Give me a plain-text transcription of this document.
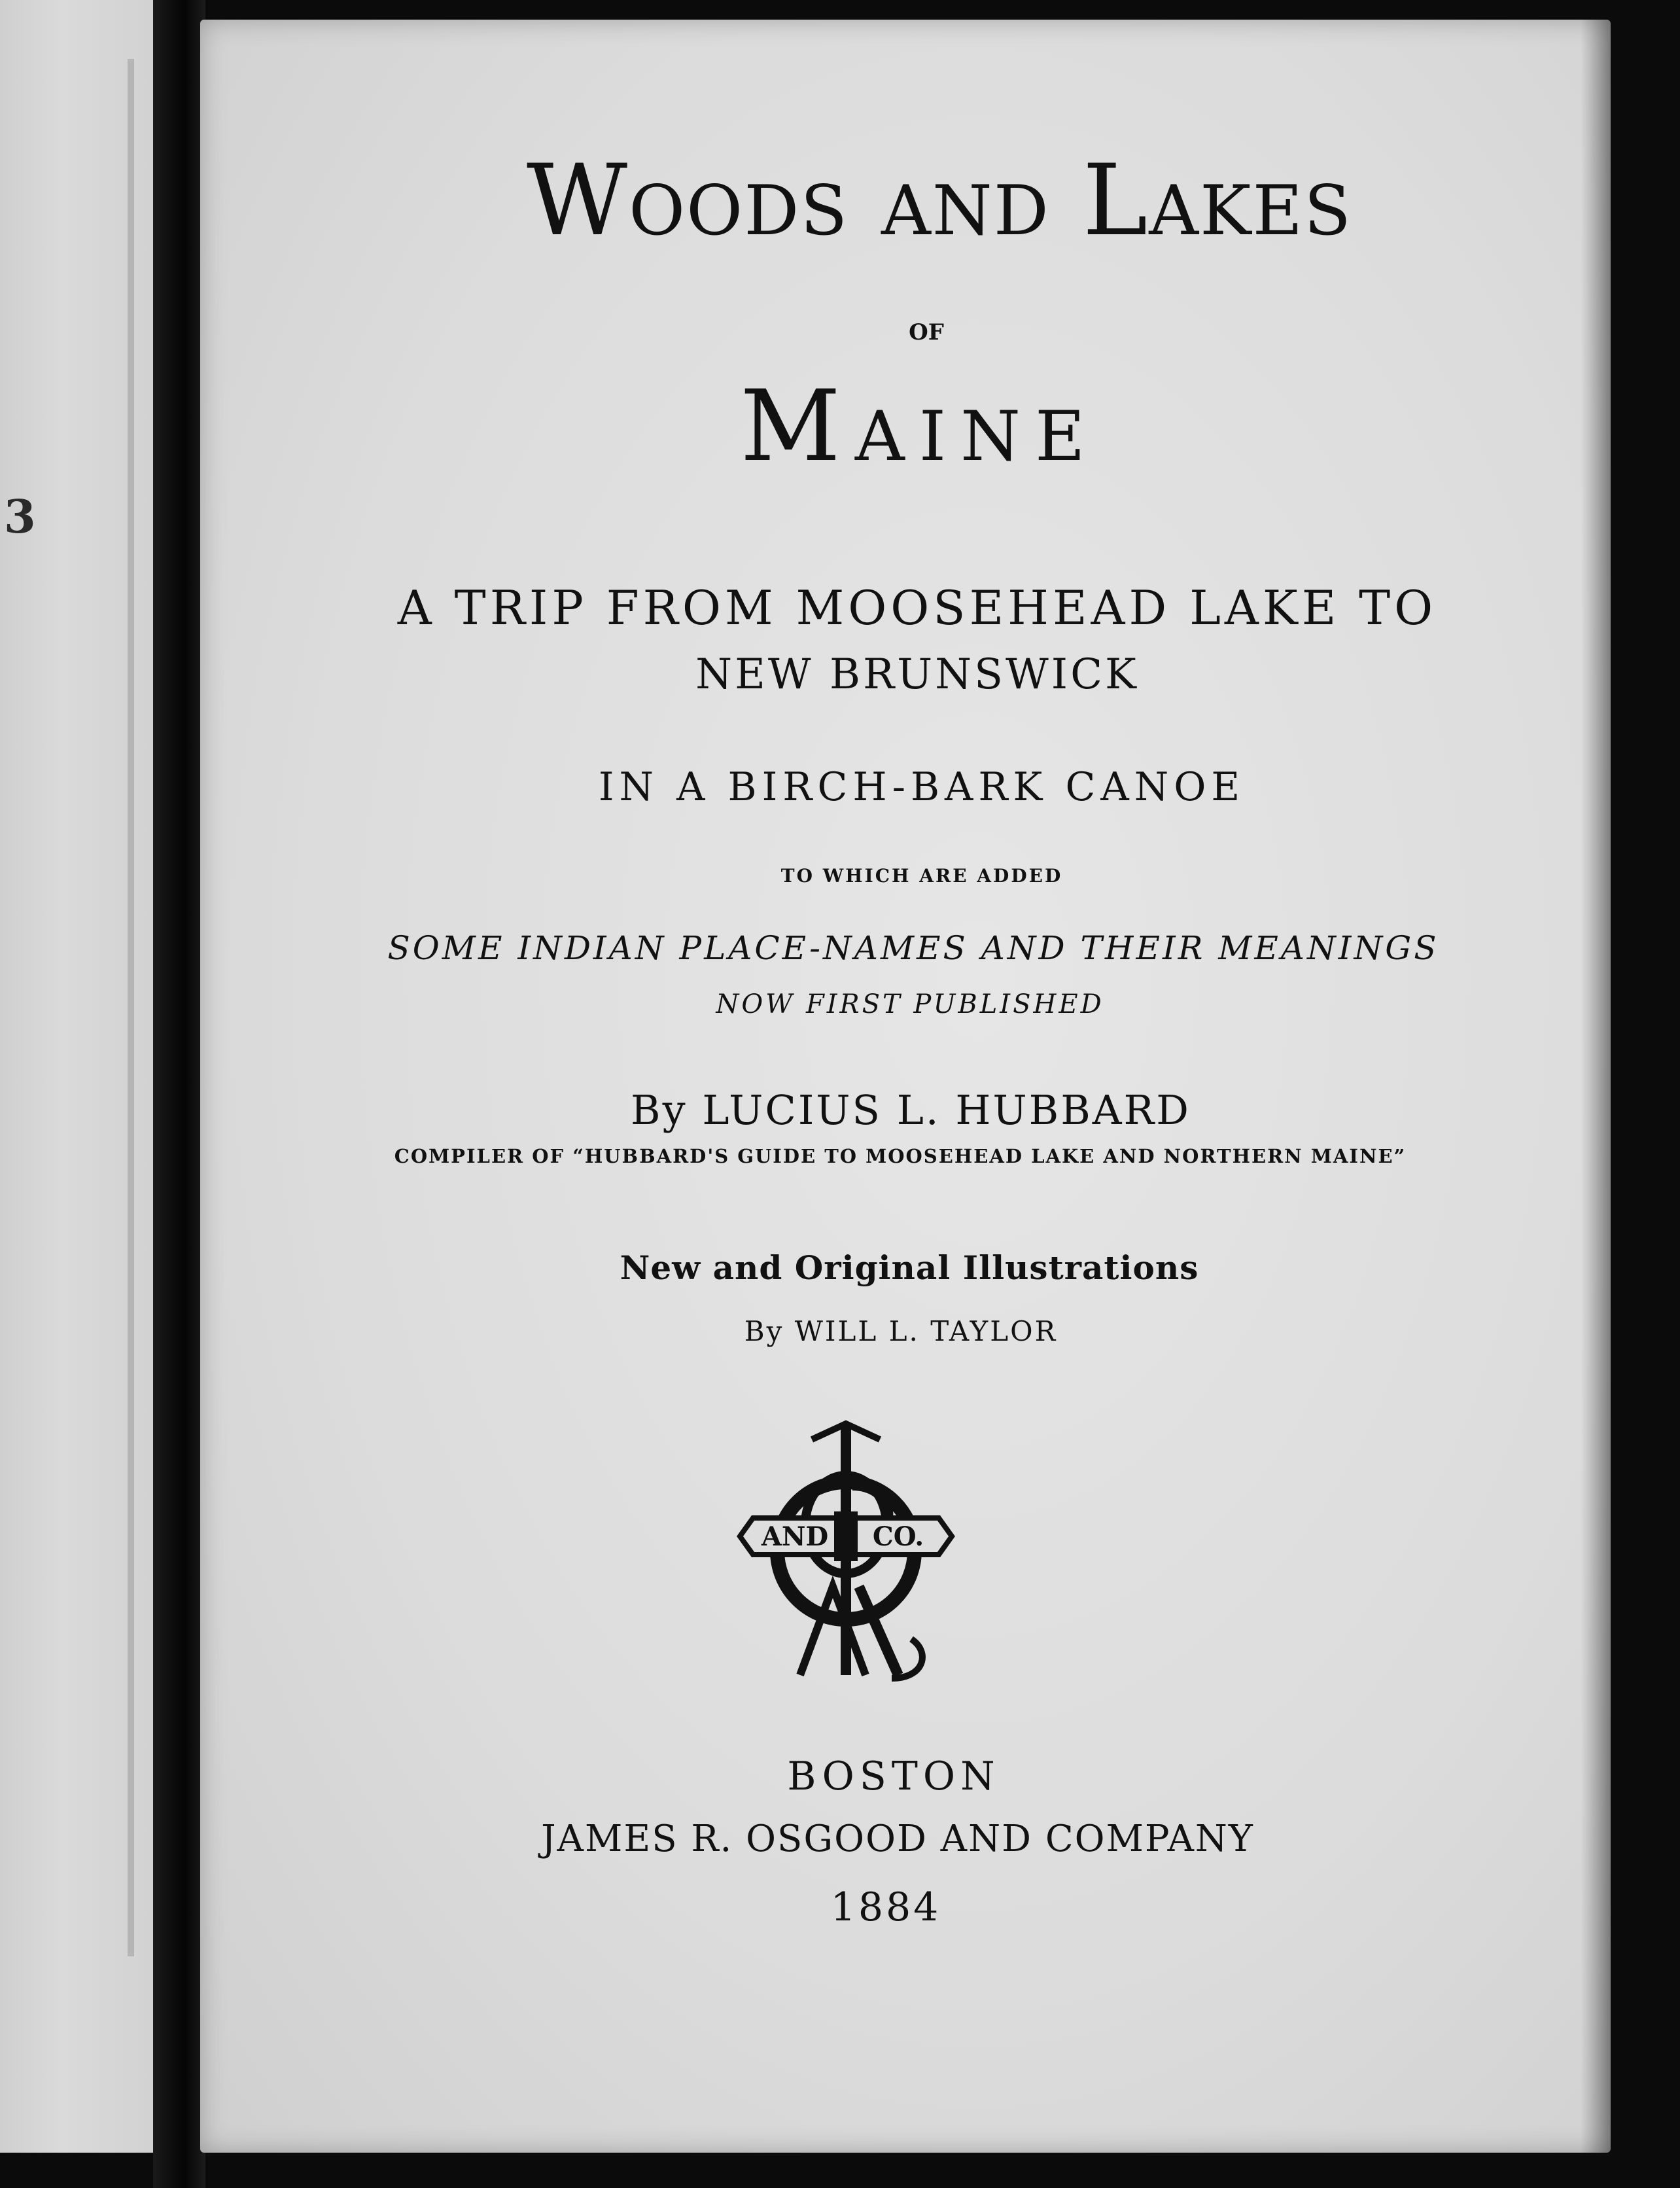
3
Woods and Lakes
OF
Maine
A TRIP FROM MOOSEHEAD LAKE TO
NEW BRUNSWICK
IN A BIRCH-BARK CANOE
TO WHICH ARE ADDED
SOME INDIAN PLACE-NAMES AND THEIR MEANINGS
NOW FIRST PUBLISHED
By LUCIUS L. HUBBARD
COMPILER OF “HUBBARD'S GUIDE TO MOOSEHEAD LAKE AND NORTHERN MAINE”
New and Original Illustrations
By WILL L. TAYLOR
AND CO.
BOSTON
JAMES R. OSGOOD AND COMPANY
1884
